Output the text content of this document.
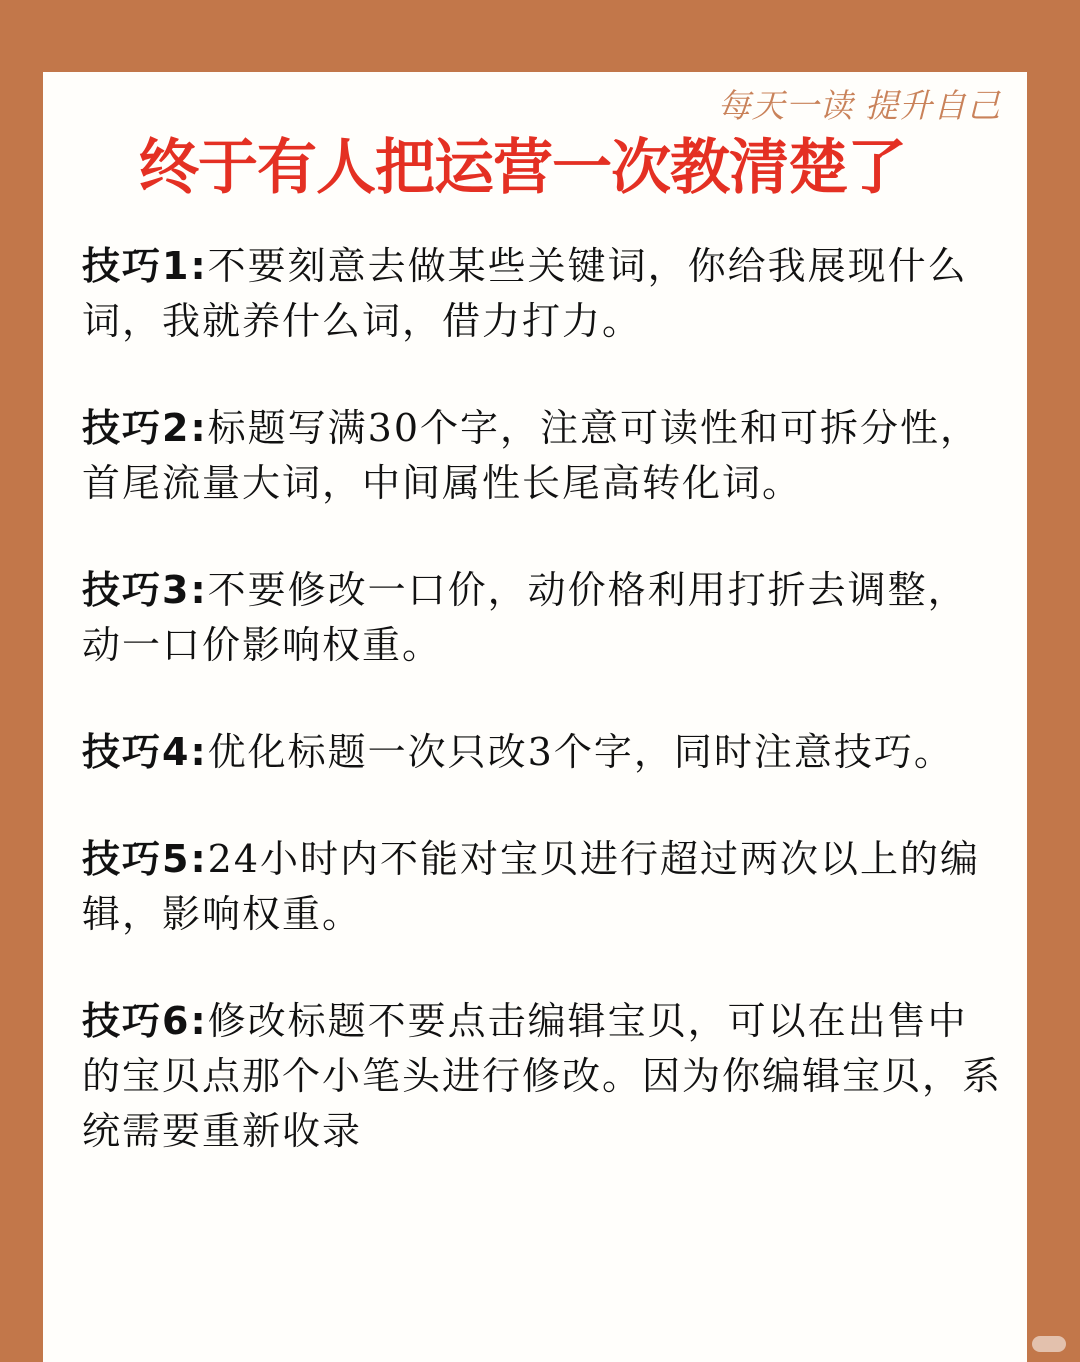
每天一读 提升自己
终于有人把运营一次教清楚了

技巧1:不要刻意去做某些关键词，你给我展现什么词，我就养什么词，借力打力。

技巧2:标题写满30个字，注意可读性和可拆分性，首尾流量大词，中间属性长尾高转化词。

技巧3:不要修改一口价，动价格利用打折去调整，动一口价影响权重。

技巧4:优化标题一次只改3个字，同时注意技巧。

技巧5:24小时内不能对宝贝进行超过两次以上的编辑，影响权重。

技巧6:修改标题不要点击编辑宝贝，可以在出售中的宝贝点那个小笔头进行修改。因为你编辑宝贝，系统需要重新收录
